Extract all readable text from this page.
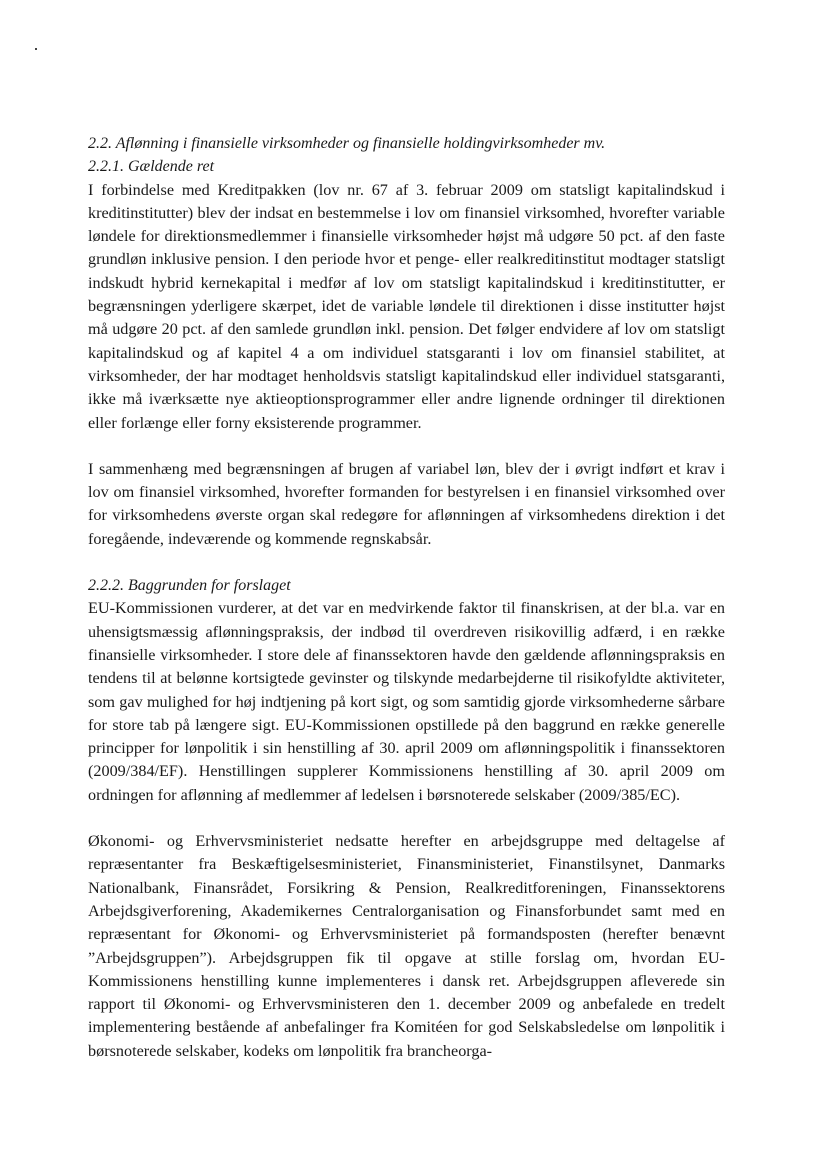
2.2. Aflønning i finansielle virksomheder og finansielle holdingvirksomheder mv.
2.2.1. Gældende ret

I forbindelse med Kreditpakken (lov nr. 67 af 3. februar 2009 om statsligt kapitalindskud i kreditinstitutter) blev der indsat en bestemmelse i lov om finansiel virksomhed, hvorefter variable løndele for direktionsmedlemmer i finansielle virksomheder højst må udgøre 50 pct. af den faste grundløn inklusive pension. I den periode hvor et penge- eller realkreditinstitut modtager statsligt indskudt hybrid kernekapital i medfør af lov om statsligt kapitalindskud i kreditinstitutter, er begrænsningen yderligere skærpet, idet de variable løndele til direktionen i disse institutter højst må udgøre 20 pct. af den samlede grundløn inkl. pension. Det følger endvidere af lov om statsligt kapitalindskud og af kapitel 4 a om individuel statsgaranti i lov om finansiel stabilitet, at virksomheder, der har modtaget henholdsvis statsligt kapitalindskud eller individuel statsgaranti, ikke må iværksætte nye aktieoptionsprogrammer eller andre lignende ordninger til direktionen eller forlænge eller forny eksisterende programmer.

I sammenhæng med begrænsningen af brugen af variabel løn, blev der i øvrigt indført et krav i lov om finansiel virksomhed, hvorefter formanden for bestyrelsen i en finansiel virksomhed over for virksomhedens øverste organ skal redegøre for aflønningen af virksomhedens direktion i det foregående, indeværende og kommende regnskabsår.

2.2.2. Baggrunden for forslaget

EU-Kommissionen vurderer, at det var en medvirkende faktor til finanskrisen, at der bl.a. var en uhensigtsmæssig aflønningspraksis, der indbød til overdreven risikovillig adfærd, i en række finansielle virksomheder. I store dele af finanssektoren havde den gældende aflønningspraksis en tendens til at belønne kortsigtede gevinster og tilskynde medarbejderne til risikofyldte aktiviteter, som gav mulighed for høj indtjening på kort sigt, og som samtidig gjorde virksomhederne sårbare for store tab på længere sigt. EU-Kommissionen opstillede på den baggrund en række generelle principper for lønpolitik i sin henstilling af 30. april 2009 om aflønningspolitik i finanssektoren (2009/384/EF). Henstillingen supplerer Kommissionens henstilling af 30. april 2009 om ordningen for aflønning af medlemmer af ledelsen i børsnoterede selskaber (2009/385/EC).

Økonomi- og Erhvervsministeriet nedsatte herefter en arbejdsgruppe med deltagelse af repræsentanter fra Beskæftigelsesministeriet, Finansministeriet, Finanstilsynet, Danmarks Nationalbank, Finansrådet, Forsikring & Pension, Realkreditforeningen, Finanssektorens Arbejdsgiverforening, Akademikernes Centralorganisation og Finansforbundet samt med en repræsentant for Økonomi- og Erhvervsministeriet på formandsposten (herefter benævnt ”Arbejdsgruppen”). Arbejdsgruppen fik til opgave at stille forslag om, hvordan EU-Kommissionens henstilling kunne implementeres i dansk ret. Arbejdsgruppen afleverede sin rapport til Økonomi- og Erhvervsministeren den 1. december 2009 og anbefalede en tredelt implementering bestående af anbefalinger fra Komitéen for god Selskabsledelse om lønpolitik i børsnoterede selskaber, kodeks om lønpolitik fra brancheorga-
